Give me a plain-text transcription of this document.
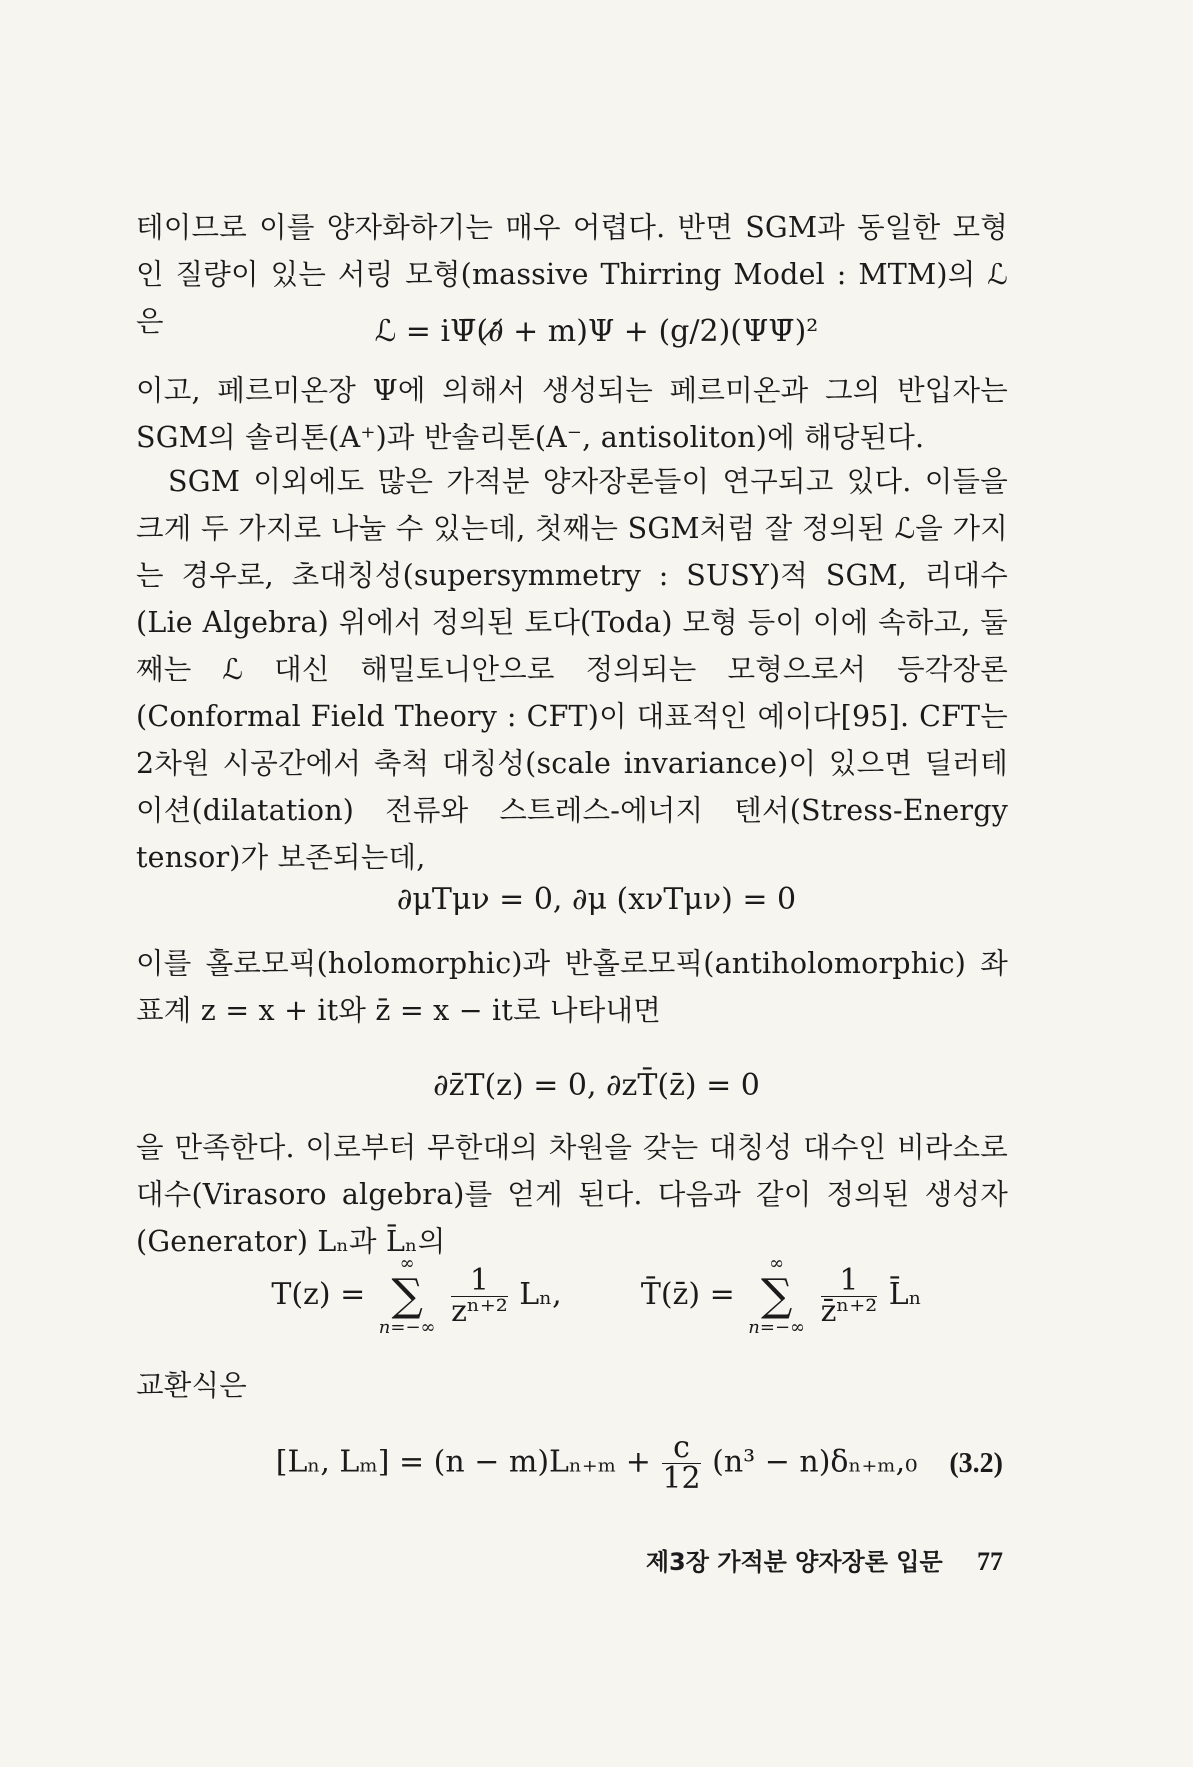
테이므로 이를 양자화하기는 매우 어렵다. 반면 SGM과 동일한 모형인 질량이 있는 서링 모형(massive Thirring Model : MTM)의 ℒ은	ℒ = iΨ̄(∂̸ + m)Ψ + (g/2)(ΨΨ̄)²
이고, 페르미온장 Ψ에 의해서 생성되는 페르미온과 그의 반입자는 SGM의 솔리톤(A⁺)과 반솔리톤(A⁻, antisoliton)에 해당된다.
SGM 이외에도 많은 가적분 양자장론들이 연구되고 있다. 이들을 크게 두 가지로 나눌 수 있는데, 첫째는 SGM처럼 잘 정의된 ℒ을 가지는 경우로, 초대칭성(supersymmetry : SUSY)적 SGM, 리대수(Lie Algebra) 위에서 정의된 토다(Toda) 모형 등이 이에 속하고, 둘째는 ℒ 대신 해밀토니안으로 정의되는 모형으로서 등각장론(Conformal Field Theory : CFT)이 대표적인 예이다[95]. CFT는 2차원 시공간에서 축척 대칭성(scale invariance)이 있으면 딜러테이션(dilatation) 전류와 스트레스-에너지 텐서(Stress-Energy tensor)가 보존되는데,
∂μTμν = 0, ∂μ (xνTμν) = 0
이를 홀로모픽(holomorphic)과 반홀로모픽(antiholomorphic) 좌표계 z = x + it와 z̄ = x − it로 나타내면
∂z̄T(z) = 0, ∂zT̄(z̄) = 0
을 만족한다. 이로부터 무한대의 차원을 갖는 대칭성 대수인 비라소로 대수(Virasoro algebra)를 얻게 된다. 다음과 같이 정의된 생성자(Generator) Lₙ과 L̄ₙ의
T(z) =
∞
∑
n=−∞

$\frac{1}{\text{zⁿ⁺²}} L_n$,	T̄(z̄) =
∞
∑
n=−∞

$\frac{1}{\text{z̄ⁿ⁺²}}$ L̄ₙ
교환식은
[Lₙ, $L_m] = (n - m)L_{n+m} + \frac{c}{12} (n^3 - n)\delta_{n+m},_0$	(3.2)
제3장 가적분 양자장론 입문 77
